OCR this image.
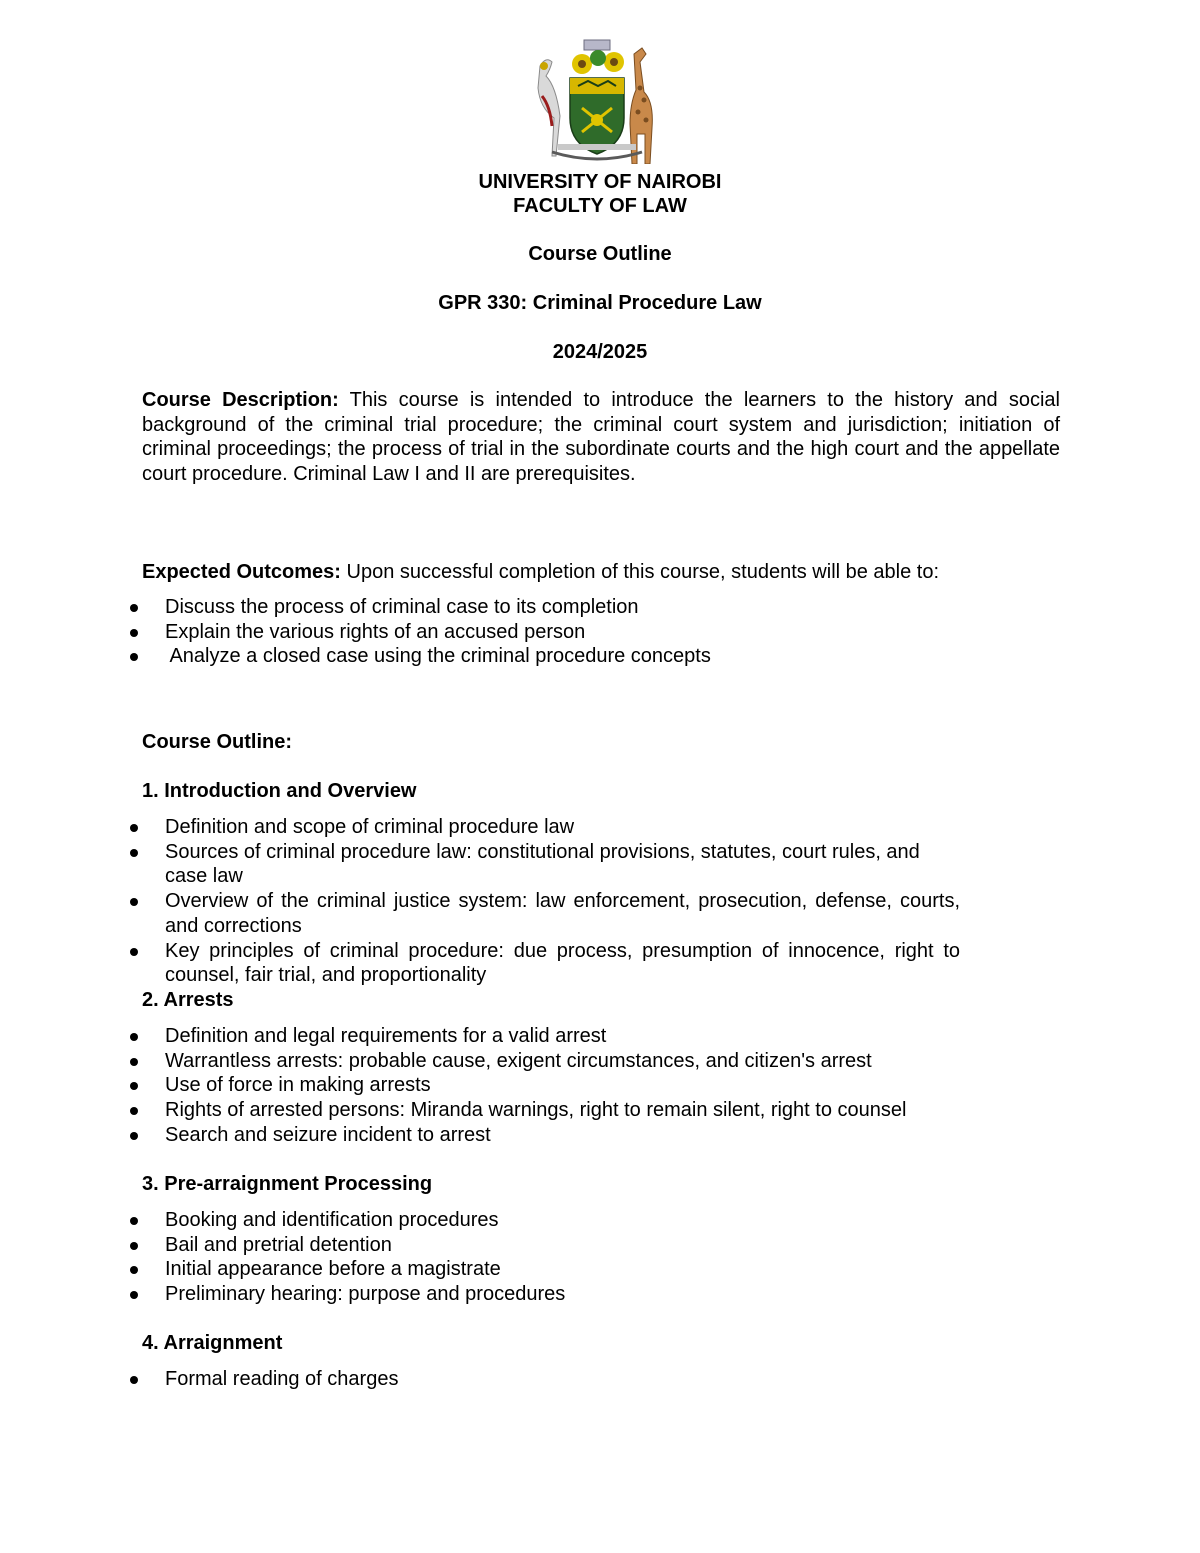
UNIVERSITY OF NAIROBI
FACULTY OF LAW
Course Outline
GPR 330: Criminal Procedure Law
2024/2025
Course Description: This course is intended to introduce the learners to the history and social background of the criminal trial procedure; the criminal court system and jurisdiction; initiation of criminal proceedings; the process of trial in the subordinate courts and the high court and the appellate court procedure. Criminal Law I and II are prerequisites.
Expected Outcomes: Upon successful completion of this course, students will be able to:
Discuss the process of criminal case to its completion
Explain the various rights of an accused person
Analyze a closed case using the criminal procedure concepts
Course Outline:
1. Introduction and Overview
Definition and scope of criminal procedure law
Sources of criminal procedure law: constitutional provisions, statutes, court rules, and case law
Overview of the criminal justice system: law enforcement, prosecution, defense, courts, and corrections
Key principles of criminal procedure: due process, presumption of innocence, right to counsel, fair trial, and proportionality
2. Arrests
Definition and legal requirements for a valid arrest
Warrantless arrests: probable cause, exigent circumstances, and citizen's arrest
Use of force in making arrests
Rights of arrested persons: Miranda warnings, right to remain silent, right to counsel
Search and seizure incident to arrest
3. Pre-arraignment Processing
Booking and identification procedures
Bail and pretrial detention
Initial appearance before a magistrate
Preliminary hearing: purpose and procedures
4. Arraignment
Formal reading of charges
